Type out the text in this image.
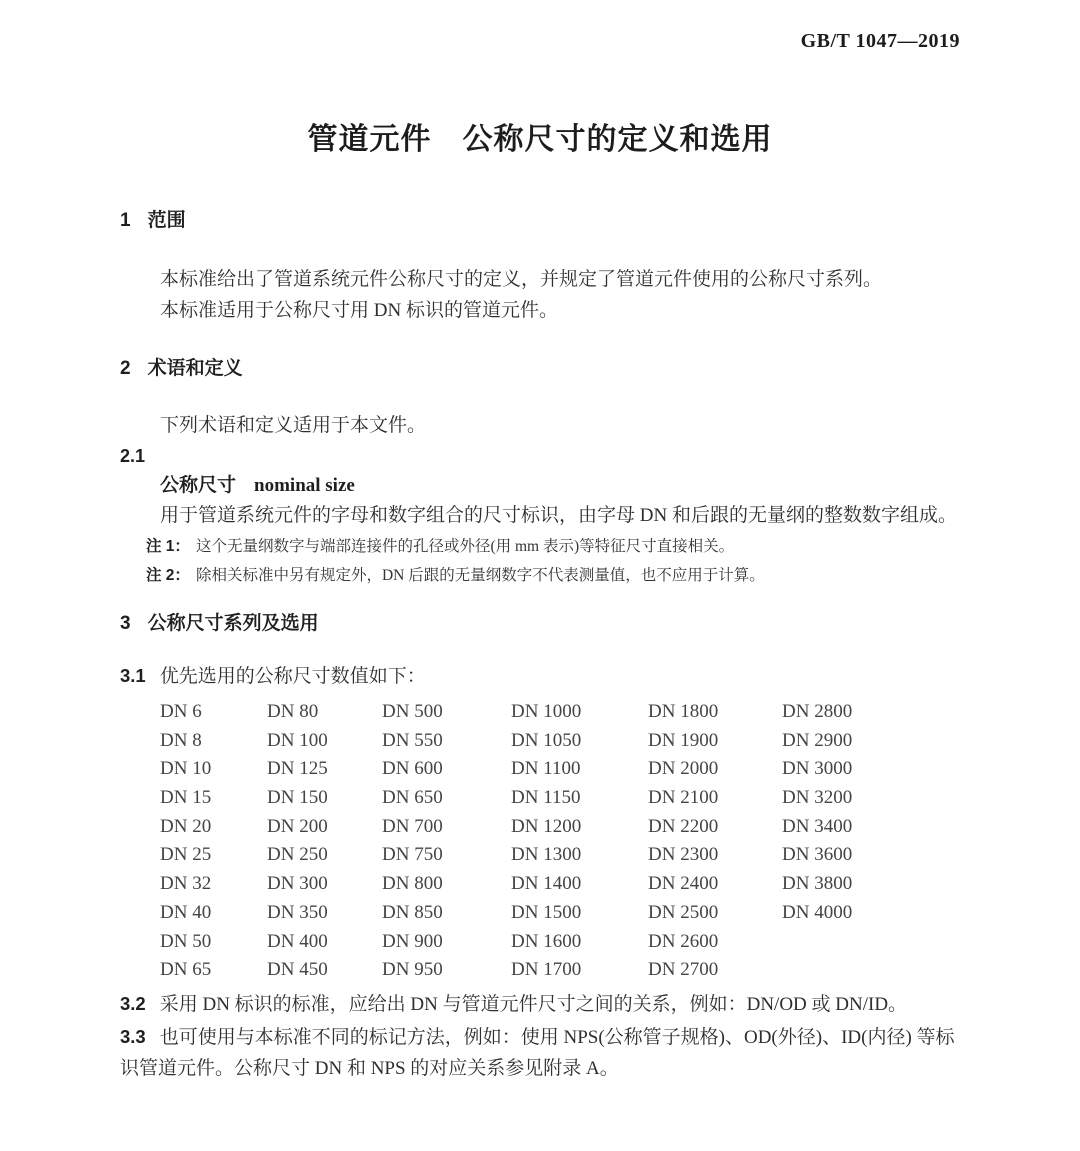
GB/T 1047—2019
管道元件　公称尺寸的定义和选用
1 范围

本标准给出了管道系统元件公称尺寸的定义，并规定了管道元件使用的公称尺寸系列。

本标准适用于公称尺寸用 DN 标识的管道元件。

2 术语和定义

下列术语和定义适用于本文件。

2.1

公称尺寸 nominal size

用于管道系统元件的字母和数字组合的尺寸标识，由字母 DN 和后跟的无量纲的整数数字组成。

注 1： 这个无量纲数字与端部连接件的孔径或外径(用 mm 表示)等特征尺寸直接相关。

注 2： 除相关标准中另有规定外，DN 后跟的无量纲数字不代表测量值，也不应用于计算。

3 公称尺寸系列及选用

3.1 优先选用的公称尺寸数值如下：

DN 6	DN 80	DN 500	DN 1000	DN 1800	DN 2800
DN 8	DN 100	DN 550	DN 1050	DN 1900	DN 2900
DN 10	DN 125	DN 600	DN 1100	DN 2000	DN 3000
DN 15	DN 150	DN 650	DN 1150	DN 2100	DN 3200
DN 20	DN 200	DN 700	DN 1200	DN 2200	DN 3400
DN 25	DN 250	DN 750	DN 1300	DN 2300	DN 3600
DN 32	DN 300	DN 800	DN 1400	DN 2400	DN 3800
DN 40	DN 350	DN 850	DN 1500	DN 2500	DN 4000
DN 50	DN 400	DN 900	DN 1600	DN 2600
DN 65	DN 450	DN 950	DN 1700	DN 2700

3.2 采用 DN 标识的标准，应给出 DN 与管道元件尺寸之间的关系，例如：DN/OD 或 DN/ID。

3.3 也可使用与本标准不同的标记方法，例如：使用 NPS(公称管子规格)、OD(外径)、ID(内径) 等标识管道元件。公称尺寸 DN 和 NPS 的对应关系参见附录 A。
